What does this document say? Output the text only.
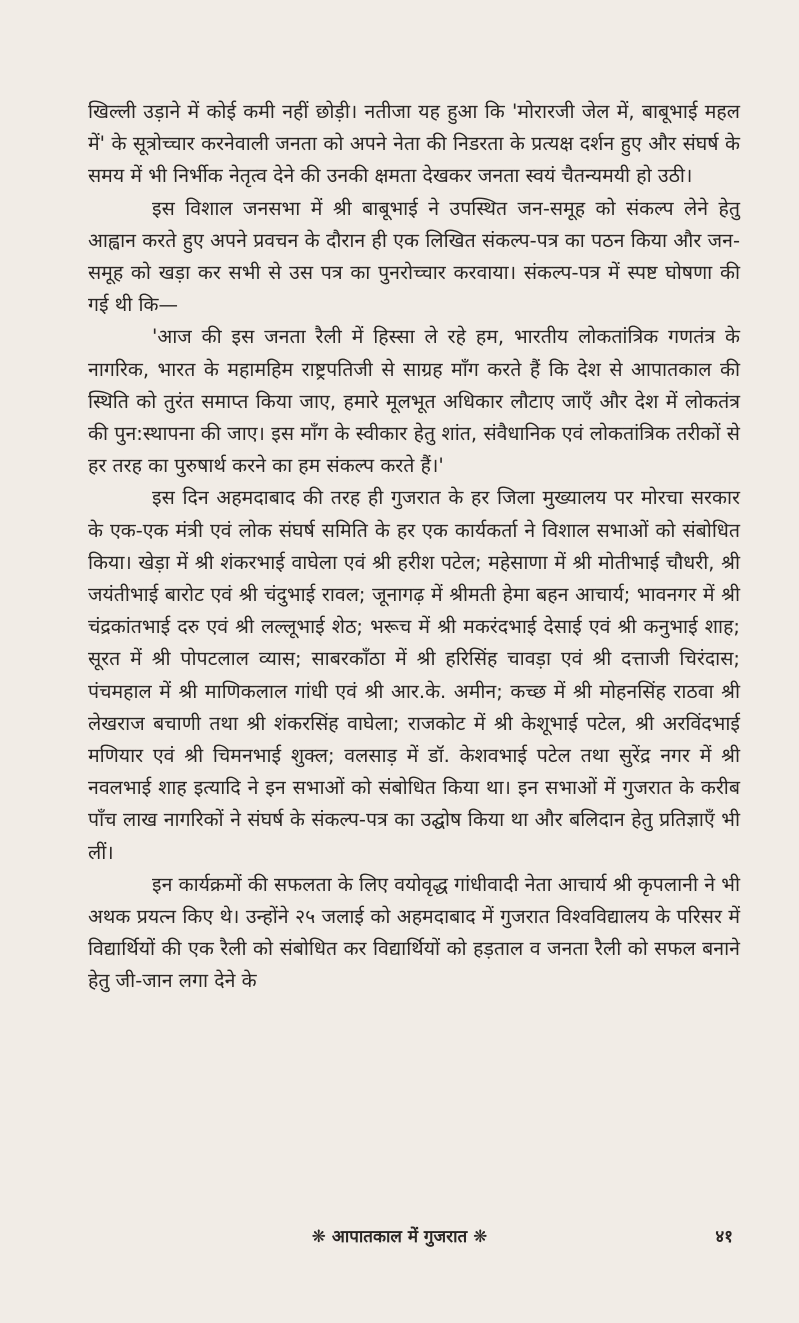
खिल्ली उड़ाने में कोई कमी नहीं छोड़ी। नतीजा यह हुआ कि 'मोरारजी जेल में, बाबूभाई महल में' के सूत्रोच्चार करनेवाली जनता को अपने नेता की निडरता के प्रत्यक्ष दर्शन हुए और संघर्ष के समय में भी निर्भीक नेतृत्व देने की उनकी क्षमता देखकर जनता स्वयं चैतन्यमयी हो उठी।

इस विशाल जनसभा में श्री बाबूभाई ने उपस्थित जन-समूह को संकल्प लेने हेतु आह्वान करते हुए अपने प्रवचन के दौरान ही एक लिखित संकल्प-पत्र का पठन किया और जन-समूह को खड़ा कर सभी से उस पत्र का पुनरोच्चार करवाया। संकल्प-पत्र में स्पष्ट घोषणा की गई थी कि—

'आज की इस जनता रैली में हिस्सा ले रहे हम, भारतीय लोकतांत्रिक गणतंत्र के नागरिक, भारत के महामहिम राष्ट्रपतिजी से साग्रह माँग करते हैं कि देश से आपातकाल की स्थिति को तुरंत समाप्त किया जाए, हमारे मूलभूत अधिकार लौटाए जाएँ और देश में लोकतंत्र की पुन:स्थापना की जाए। इस माँग के स्वीकार हेतु शांत, संवैधानिक एवं लोकतांत्रिक तरीकों से हर तरह का पुरुषार्थ करने का हम संकल्प करते हैं।'

इस दिन अहमदाबाद की तरह ही गुजरात के हर जिला मुख्यालय पर मोरचा सरकार के एक-एक मंत्री एवं लोक संघर्ष समिति के हर एक कार्यकर्ता ने विशाल सभाओं को संबोधित किया। खेड़ा में श्री शंकरभाई वाघेला एवं श्री हरीश पटेल; महेसाणा में श्री मोतीभाई चौधरी, श्री जयंतीभाई बारोट एवं श्री चंदुभाई रावल; जूनागढ़ में श्रीमती हेमा बहन आचार्य; भावनगर में श्री चंद्रकांतभाई दरु एवं श्री लल्लूभाई शेठ; भरूच में श्री मकरंदभाई देसाई एवं श्री कनुभाई शाह; सूरत में श्री पोपटलाल व्यास; साबरकाँठा में श्री हरिसिंह चावड़ा एवं श्री दत्ताजी चिरंदास; पंचमहाल में श्री माणिकलाल गांधी एवं श्री आर.के. अमीन; कच्छ में श्री मोहनसिंह राठवा श्री लेखराज बचाणी तथा श्री शंकरसिंह वाघेला; राजकोट में श्री केशूभाई पटेल, श्री अरविंदभाई मणियार एवं श्री चिमनभाई शुक्ल; वलसाड़ में डॉ. केशवभाई पटेल तथा सुरेंद्र नगर में श्री नवलभाई शाह इत्यादि ने इन सभाओं को संबोधित किया था। इन सभाओं में गुजरात के करीब पाँच लाख नागरिकों ने संघर्ष के संकल्प-पत्र का उद्घोष किया था और बलिदान हेतु प्रतिज्ञाएँ भी लीं।

इन कार्यक्रमों की सफलता के लिए वयोवृद्ध गांधीवादी नेता आचार्य श्री कृपलानी ने भी अथक प्रयत्न किए थे। उन्होंने २५ जलाई को अहमदाबाद में गुजरात विश्वविद्यालय के परिसर में विद्यार्थियों की एक रैली को संबोधित कर विद्यार्थियों को हड़ताल व जनता रैली को सफल बनाने हेतु जी-जान लगा देने के

❋ आपातकाल में गुजरात ❋	४१
